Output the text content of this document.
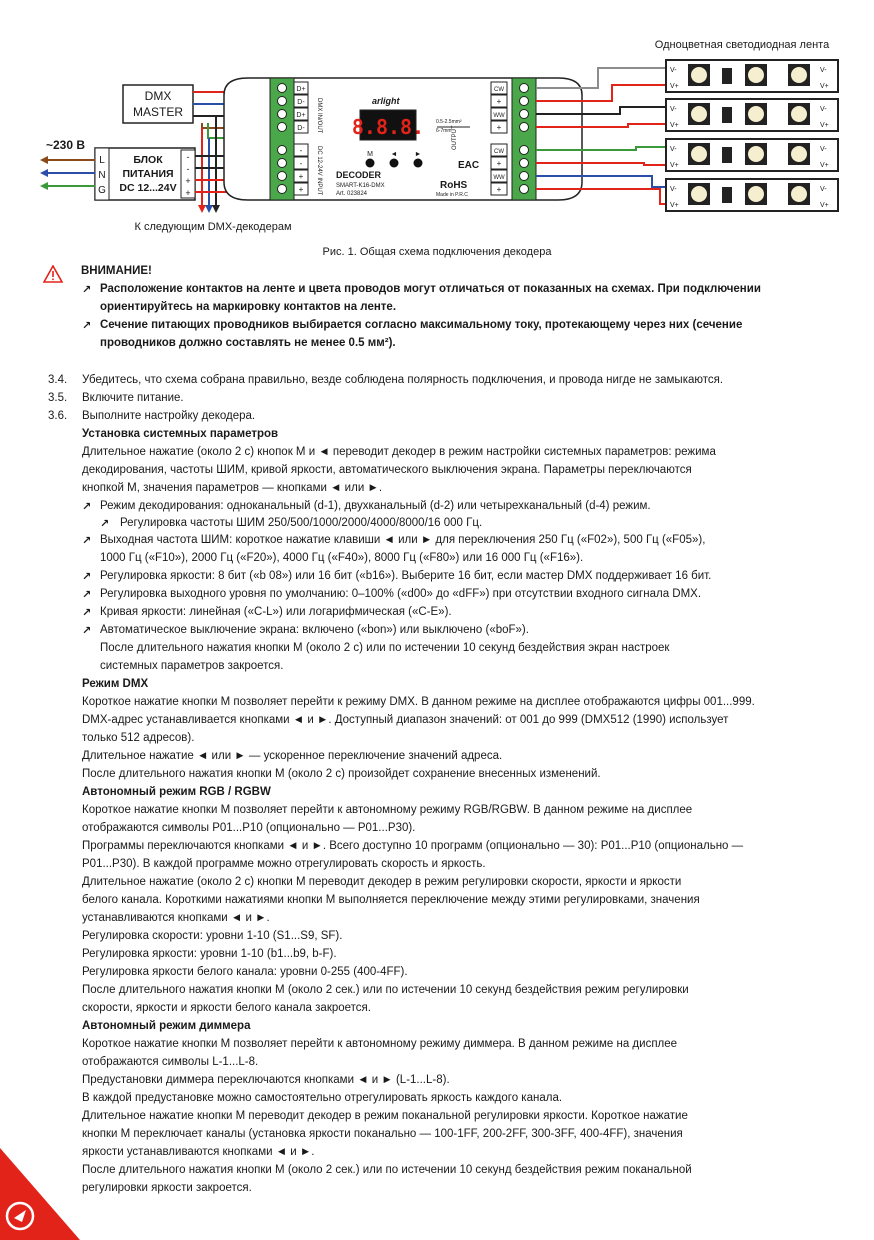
Одноцветная светодиодная лента
DMX
MASTER
L
N
G
БЛОК
ПИТАНИЯ
DC 12...24V
-
-
+
+
~230 В
К следующим DMX-декодерам
D+
D-
D+
D-
-
-
+
+
DMX IN/OUT
DC 12-24V INPUT
arlight
8.8.8.
M	◄ ►
DECODER
SMART-K16-DMX
Art. 023824
0.5-2.5mm²
6-7mm
EAC
RoHS
Made in P.R.C
CW
+
WW
+
CW
+
WW
+
OUTPUT
V-
V+
V-
V+
V-
V+
V-
V+
V-
V+
V-
V+
V-
V+
V-
V+
Рис. 1. Общая схема подключения декодера
ВНИМАНИЕ!
↗ Расположение контактов на ленте и цвета проводов могут отличаться от показанных на схемах. При подключении
ориентируйтесь на маркировку контактов на ленте.
↗ Сечение питающих проводников выбирается согласно максимальному току, протекающему через них (сечение
проводников должно составлять не менее 0.5 мм²).
3.4. Убедитесь, что схема собрана правильно, везде соблюдена полярность подключения, и провода нигде не замыкаются.
3.5. Включите питание.
3.6. Выполните настройку декодера.
Установка системных параметров
Длительное нажатие (около 2 с) кнопок M и ◄ переводит декодер в режим настройки системных параметров: режима
декодирования, частоты ШИМ, кривой яркости, автоматического выключения экрана. Параметры переключаются
кнопкой M, значения параметров — кнопками ◄ или ►.
↗ Режим декодирования: одноканальный (d-1), двухканальный (d-2) или четырехканальный (d-4) режим.
↗ Регулировка частоты ШИМ 250/500/1000/2000/4000/8000/16 000 Гц.
↗ Выходная частота ШИМ: короткое нажатие клавиши ◄ или ► для переключения 250 Гц («F02»), 500 Гц («F05»),
1000 Гц («F10»), 2000 Гц («F20»), 4000 Гц («F40»), 8000 Гц («F80») или 16 000 Гц («F16»).
↗ Регулировка яркости: 8 бит («b 08») или 16 бит («b16»). Выберите 16 бит, если мастер DMX поддерживает 16 бит.
↗ Регулировка выходного уровня по умолчанию: 0–100% («d00» до «dFF») при отсутствии входного сигнала DMX.
↗ Кривая яркости: линейная («C-L») или логарифмическая («C-E»).
↗ Автоматическое выключение экрана: включено («bon») или выключено («boF»).
После длительного нажатия кнопки M (около 2 с) или по истечении 10 секунд бездействия экран настроек
системных параметров закроется.
Режим DMX
Короткое нажатие кнопки M позволяет перейти к режиму DMX. В данном режиме на дисплее отображаются цифры 001...999.
DMX-адрес устанавливается кнопками ◄ и ►. Доступный диапазон значений: от 001 до 999 (DMX512 (1990) использует
только 512 адресов).
Длительное нажатие ◄ или ► — ускоренное переключение значений адреса.
После длительного нажатия кнопки M (около 2 с) произойдет сохранение внесенных изменений.
Автономный режим RGB / RGBW
Короткое нажатие кнопки M позволяет перейти к автономному режиму RGB/RGBW. В данном режиме на дисплее
отображаются символы P01...P10 (опционально — P01...P30).
Программы переключаются кнопками ◄ и ►. Всего доступно 10 программ (опционально — 30): P01...P10 (опционально —
P01...P30). В каждой программе можно отрегулировать скорость и яркость.
Длительное нажатие (около 2 с) кнопки M переводит декодер в режим регулировки скорости, яркости и яркости
белого канала. Короткими нажатиями кнопки M выполняется переключение между этими регулировками, значения
устанавливаются кнопками ◄ и ►.
Регулировка скорости: уровни 1-10 (S1...S9, SF).
Регулировка яркости: уровни 1-10 (b1...b9, b-F).
Регулировка яркости белого канала: уровни 0-255 (400-4FF).
После длительного нажатия кнопки M (около 2 сек.) или по истечении 10 секунд бездействия режим регулировки
скорости, яркости и яркости белого канала закроется.
Автономный режим диммера
Короткое нажатие кнопки M позволяет перейти к автономному режиму диммера. В данном режиме на дисплее
отображаются символы L-1...L-8.
Предустановки диммера переключаются кнопками ◄ и ► (L-1...L-8).
В каждой предустановке можно самостоятельно отрегулировать яркость каждого канала.
Длительное нажатие кнопки M переводит декодер в режим поканальной регулировки яркости. Короткое нажатие
кнопки M переключает каналы (установка яркости поканально — 100-1FF, 200-2FF, 300-3FF, 400-4FF), значения
яркости устанавливаются кнопками ◄ и ►.
После длительного нажатия кнопки M (около 2 сек.) или по истечении 10 секунд бездействия режим поканальной
регулировки яркости закроется.
